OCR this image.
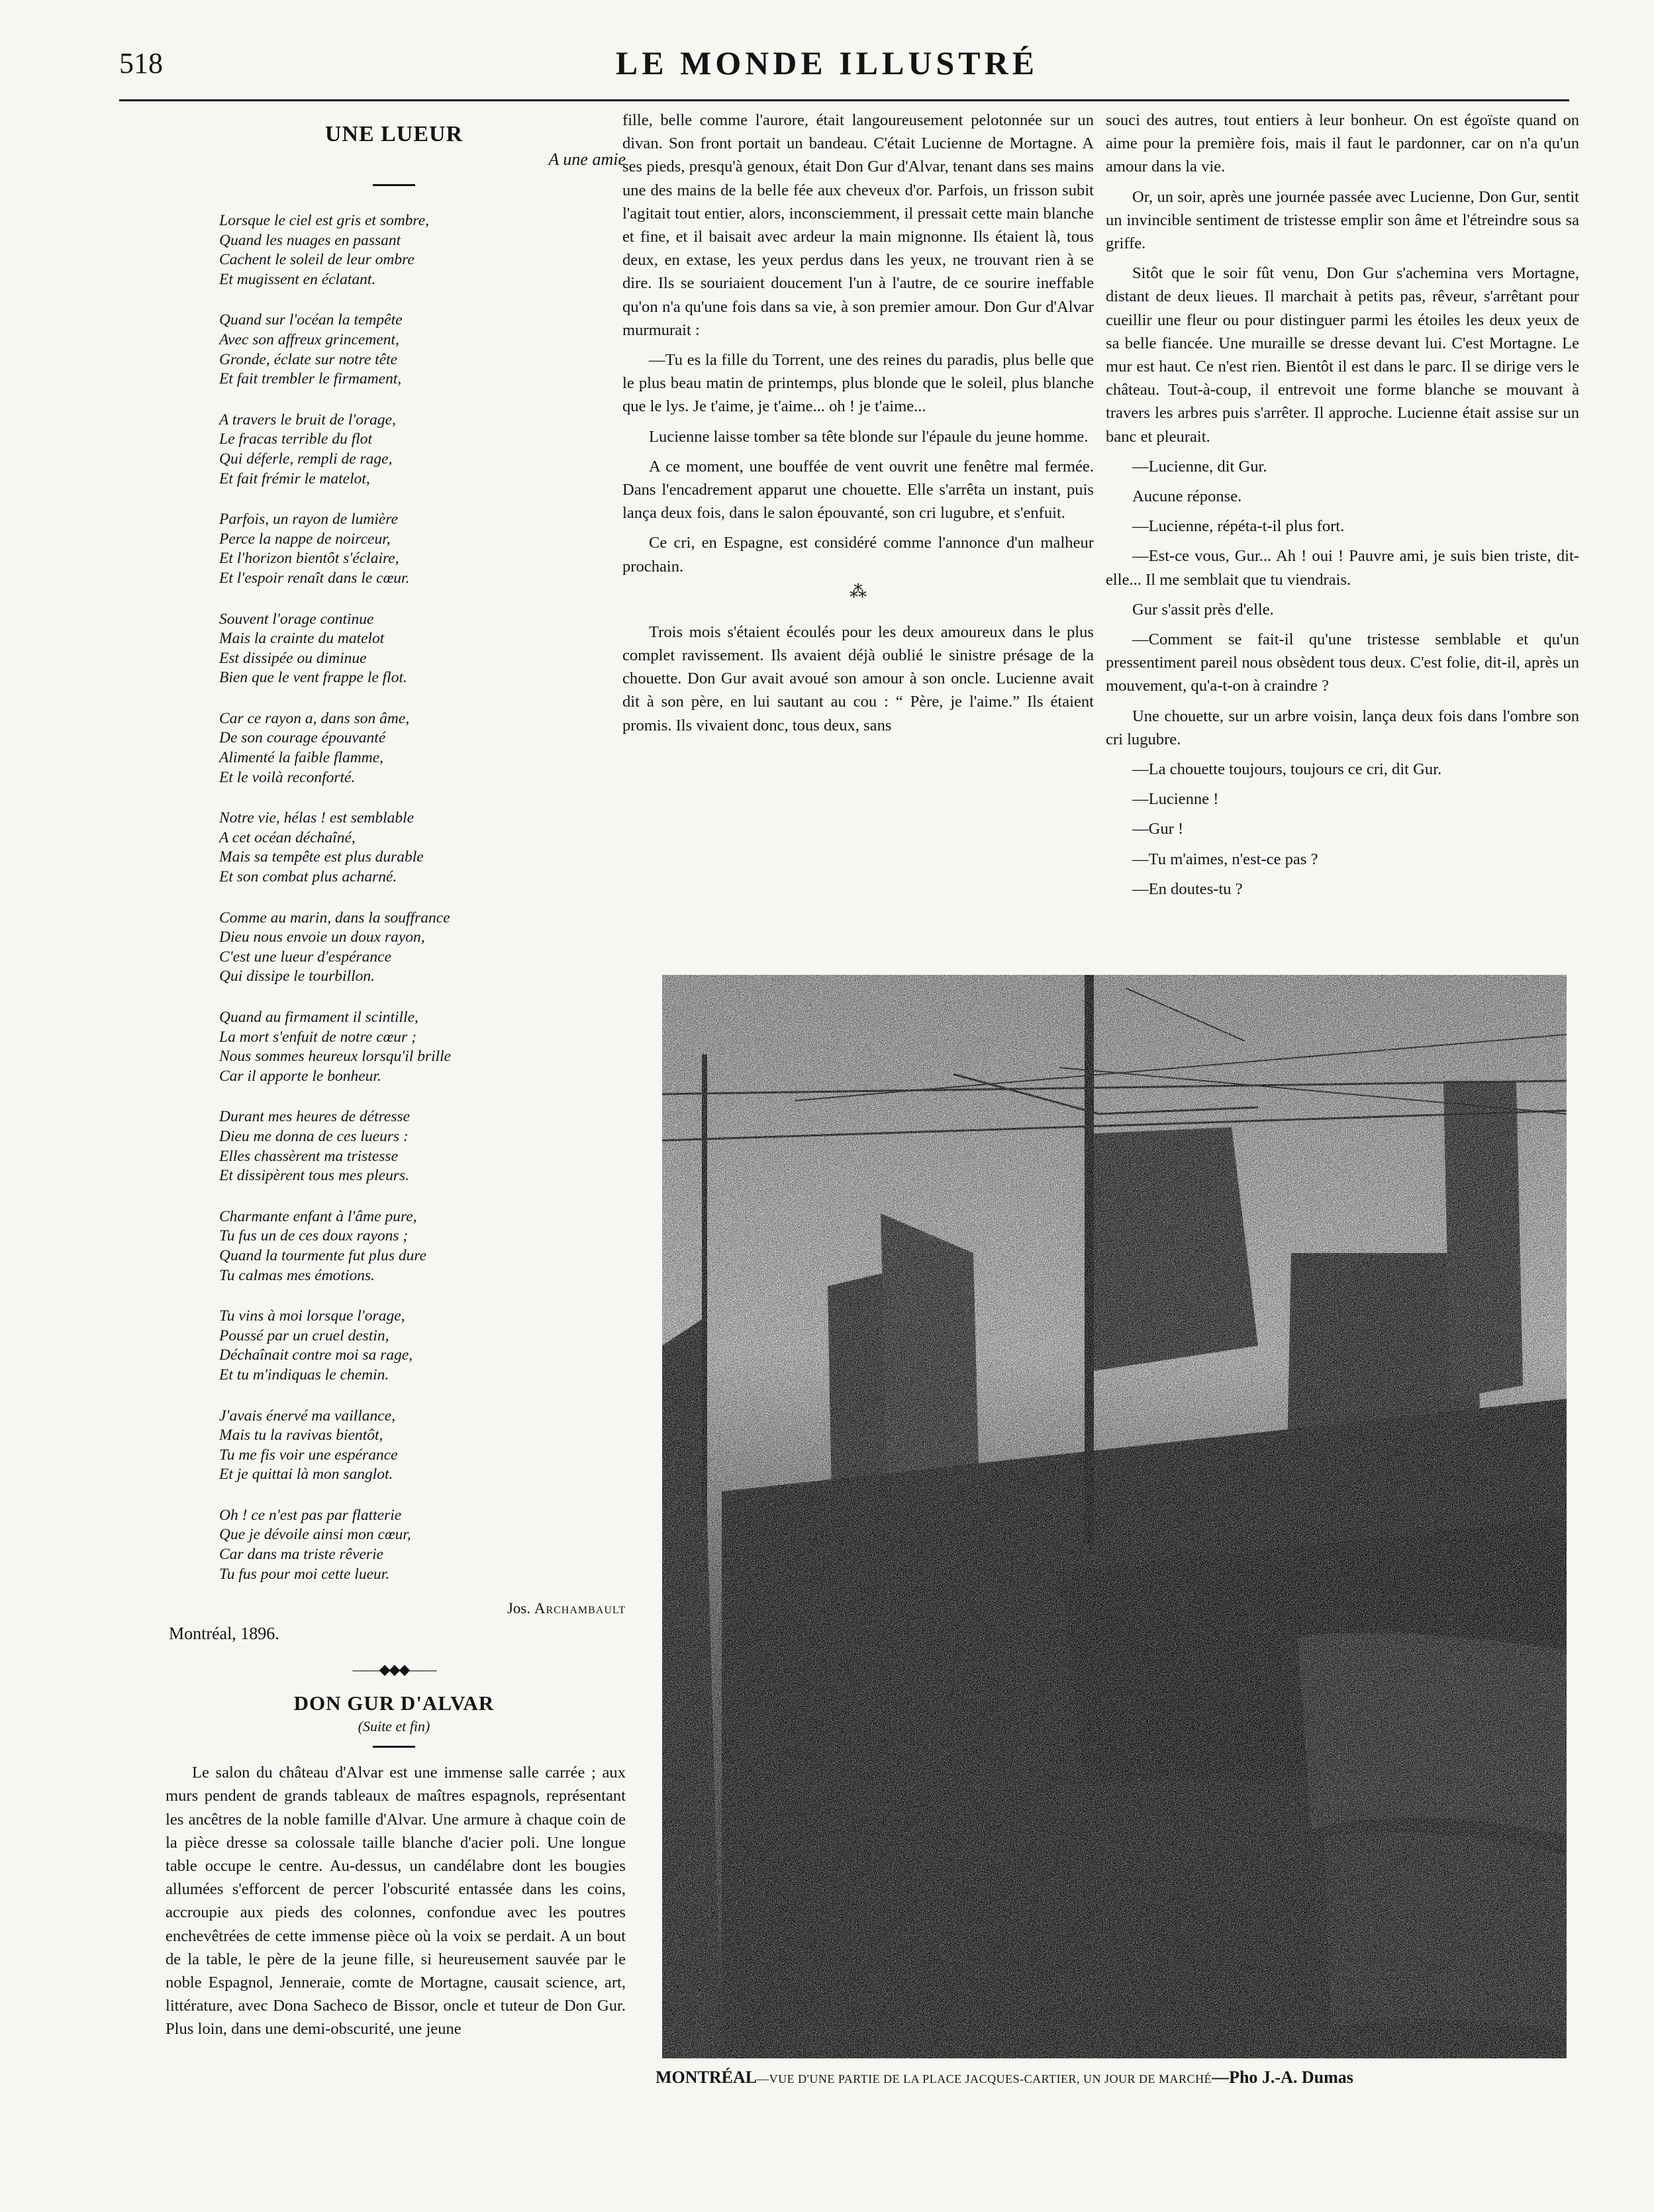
518	LE MONDE ILLUSTRÉ
UNE LUEUR
A une amie
Lorsque le ciel est gris et sombre,
Quand les nuages en passant
Cachent le soleil de leur ombre
Et mugissent en éclatant.
Quand sur l'océan la tempête
Avec son affreux grincement,
Gronde, éclate sur notre tête
Et fait trembler le firmament,
A travers le bruit de l'orage,
Le fracas terrible du flot
Qui déferle, rempli de rage,
Et fait frémir le matelot,
Parfois, un rayon de lumière
Perce la nappe de noirceur,
Et l'horizon bientôt s'éclaire,
Et l'espoir renaît dans le cœur.
Souvent l'orage continue
Mais la crainte du matelot
Est dissipée ou diminue
Bien que le vent frappe le flot.
Car ce rayon a, dans son âme,
De son courage épouvanté
Alimenté la faible flamme,
Et le voilà reconforté.
Notre vie, hélas ! est semblable
A cet océan déchaîné,
Mais sa tempête est plus durable
Et son combat plus acharné.
Comme au marin, dans la souffrance
Dieu nous envoie un doux rayon,
C'est une lueur d'espérance
Qui dissipe le tourbillon.
Quand au firmament il scintille,
La mort s'enfuit de notre cœur ;
Nous sommes heureux lorsqu'il brille
Car il apporte le bonheur.
Durant mes heures de détresse
Dieu me donna de ces lueurs :
Elles chassèrent ma tristesse
Et dissipèrent tous mes pleurs.
Charmante enfant à l'âme pure,
Tu fus un de ces doux rayons ;
Quand la tourmente fut plus dure
Tu calmas mes émotions.
Tu vins à moi lorsque l'orage,
Poussé par un cruel destin,
Déchaînait contre moi sa rage,
Et tu m'indiquas le chemin.
J'avais énervé ma vaillance,
Mais tu la ravivas bientôt,
Tu me fis voir une espérance
Et je quittai là mon sanglot.
Oh ! ce n'est pas par flatterie
Que je dévoile ainsi mon cœur,
Car dans ma triste rêverie
Tu fus pour moi cette lueur.
Jos. Archambault
Montréal, 1896.
——◆◆◆——
DON GUR D'ALVAR
(Suite et fin)

Le salon du château d'Alvar est une immense salle carrée ; aux murs pendent de grands tableaux de maîtres espagnols, représentant les ancêtres de la noble famille d'Alvar. Une armure à chaque coin de la pièce dresse sa colossale taille blanche d'acier poli. Une longue table occupe le centre. Au-dessus, un candélabre dont les bougies allumées s'efforcent de percer l'obscurité entassée dans les coins, accroupie aux pieds des colonnes, confondue avec les poutres enchevêtrées de cette immense pièce où la voix se perdait. A un bout de la table, le père de la jeune fille, si heureusement sauvée par le noble Espagnol, Jenneraie, comte de Mortagne, causait science, art, littérature, avec Dona Sacheco de Bissor, oncle et tuteur de Don Gur. Plus loin, dans une demi-obscurité, une jeune

fille, belle comme l'aurore, était langoureusement pelotonnée sur un divan. Son front portait un bandeau. C'était Lucienne de Mortagne. A ses pieds, presqu'à genoux, était Don Gur d'Alvar, tenant dans ses mains une des mains de la belle fée aux cheveux d'or. Parfois, un frisson subit l'agitait tout entier, alors, inconsciemment, il pressait cette main blanche et fine, et il baisait avec ardeur la main mignonne. Ils étaient là, tous deux, en extase, les yeux perdus dans les yeux, ne trouvant rien à se dire. Ils se souriaient doucement l'un à l'autre, de ce sourire ineffable qu'on n'a qu'une fois dans sa vie, à son premier amour. Don Gur d'Alvar murmurait :

—Tu es la fille du Torrent, une des reines du paradis, plus belle que le plus beau matin de printemps, plus blonde que le soleil, plus blanche que le lys. Je t'aime, je t'aime... oh ! je t'aime...

Lucienne laisse tomber sa tête blonde sur l'épaule du jeune homme.

A ce moment, une bouffée de vent ouvrit une fenêtre mal fermée. Dans l'encadrement apparut une chouette. Elle s'arrêta un instant, puis lança deux fois, dans le salon épouvanté, son cri lugubre, et s'enfuit.

Ce cri, en Espagne, est considéré comme l'annonce d'un malheur prochain.

⁂

Trois mois s'étaient écoulés pour les deux amoureux dans le plus complet ravissement. Ils avaient déjà oublié le sinistre présage de la chouette. Don Gur avait avoué son amour à son oncle. Lucienne avait dit à son père, en lui sautant au cou : “ Père, je l'aime.” Ils étaient promis. Ils vivaient donc, tous deux, sans

souci des autres, tout entiers à leur bonheur. On est égoïste quand on aime pour la première fois, mais il faut le pardonner, car on n'a qu'un amour dans la vie.

Or, un soir, après une journée passée avec Lucienne, Don Gur, sentit un invincible sentiment de tristesse emplir son âme et l'étreindre sous sa griffe.

Sitôt que le soir fût venu, Don Gur s'achemina vers Mortagne, distant de deux lieues. Il marchait à petits pas, rêveur, s'arrêtant pour cueillir une fleur ou pour distinguer parmi les étoiles les deux yeux de sa belle fiancée. Une muraille se dresse devant lui. C'est Mortagne. Le mur est haut. Ce n'est rien. Bientôt il est dans le parc. Il se dirige vers le château. Tout-à-coup, il entrevoit une forme blanche se mouvant à travers les arbres puis s'arrêter. Il approche. Lucienne était assise sur un banc et pleurait.

—Lucienne, dit Gur.

Aucune réponse.

—Lucienne, répéta-t-il plus fort.

—Est-ce vous, Gur... Ah ! oui ! Pauvre ami, je suis bien triste, dit-elle... Il me semblait que tu viendrais.

Gur s'assit près d'elle.

—Comment se fait-il qu'une tristesse semblable et qu'un pressentiment pareil nous obsèdent tous deux. C'est folie, dit-il, après un mouvement, qu'a-t-on à craindre ?

Une chouette, sur un arbre voisin, lança deux fois dans l'ombre son cri lugubre.

—La chouette toujours, toujours ce cri, dit Gur.

—Lucienne !

—Gur !

—Tu m'aimes, n'est-ce pas ?

—En doutes-tu ?

MONTRÉAL—VUE D'UNE PARTIE DE LA PLACE JACQUES-CARTIER, UN JOUR DE MARCHÉ—Pho J.-A. Dumas
